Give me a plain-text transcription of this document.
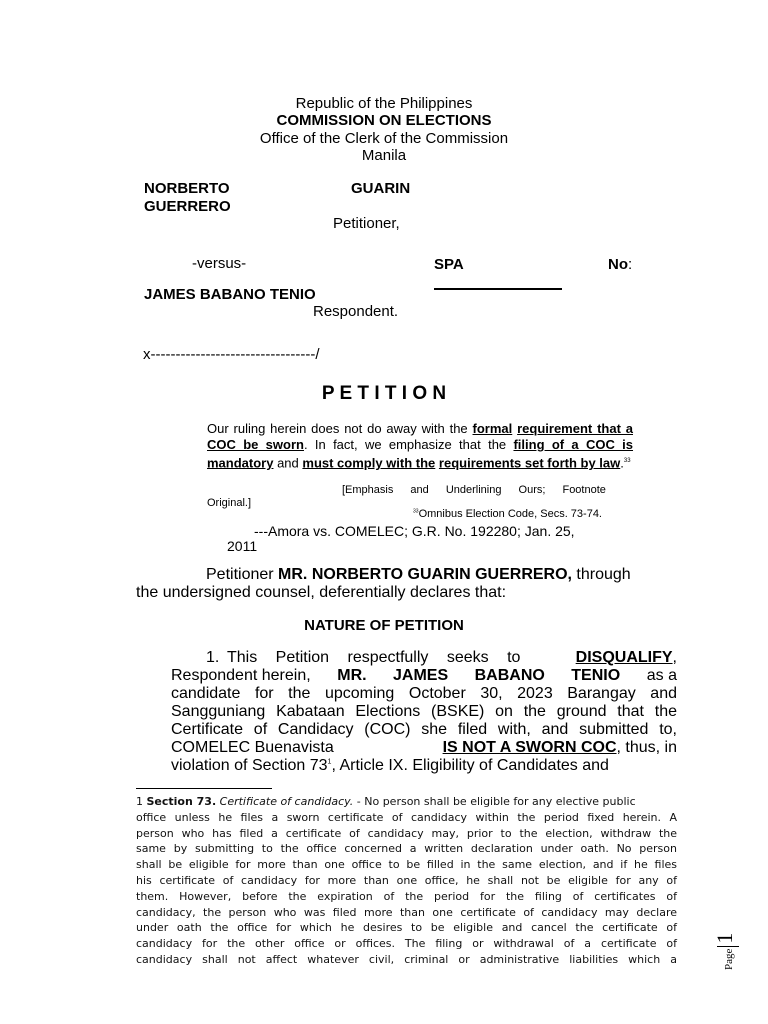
Republic of the Philippines
COMMISSION ON ELECTIONS
Office of the Clerk of the Commission
Manila
NORBERTO	GUARIN
GUERRERO
Petitioner,
-versus-	SPA	No:
JAMES BABANO TENIO
Respondent.
x---------------------------------/
P E T I T I O N
Our ruling herein does not do away with the formal requirement that a COC be sworn. In fact, we emphasize that the filing of a COC is mandatory and must comply with the requirements set forth by law.$^{33}$
[Emphasis and Underlining Ours; Footnote
Original.]
$^{33}$Omnibus Election Code, Secs. 73-74.
---Amora vs. COMELEC; G.R. No. 192280; Jan. 25,
2011
Petitioner MR. NORBERTO GUARIN GUERRERO, through
the undersigned counsel, deferentially declares that:
NATURE OF PETITION
1. This Petition respectfully seeks to	DISQUALIFY,
Respondent herein, MR. JAMES BABANO TENIO as a
candidate for the upcoming October 30, 2023 Barangay and
Sangguniang Kabataan Elections (BSKE) on the ground that the
Certificate of Candidacy (COC) she filed with, and submitted to,
COMELEC Buenavista	IS NOT A SWORN COC, thus, in
violation of Section $73^1$, Article IX. Eligibility of Candidates and
1 Section 73. Certificate of candidacy. - No person shall be eligible for any elective public
office unless he files a sworn certificate of candidacy within the period fixed herein. A
person who has filed a certificate of candidacy may, prior to the election, withdraw the
same by submitting to the office concerned a written declaration under oath. No person
shall be eligible for more than one office to be filled in the same election, and if he files
his certificate of candidacy for more than one office, he shall not be eligible for any of
them. However, before the expiration of the period for the filing of certificates of
candidacy, the person who was filed more than one certificate of candidacy may declare
under oath the office for which he desires to be eligible and cancel the certificate of
candidacy for the other office or offices. The filing or withdrawal of a certificate of
candidacy shall not affect whatever civil, criminal or administrative liabilities which a	Page1
